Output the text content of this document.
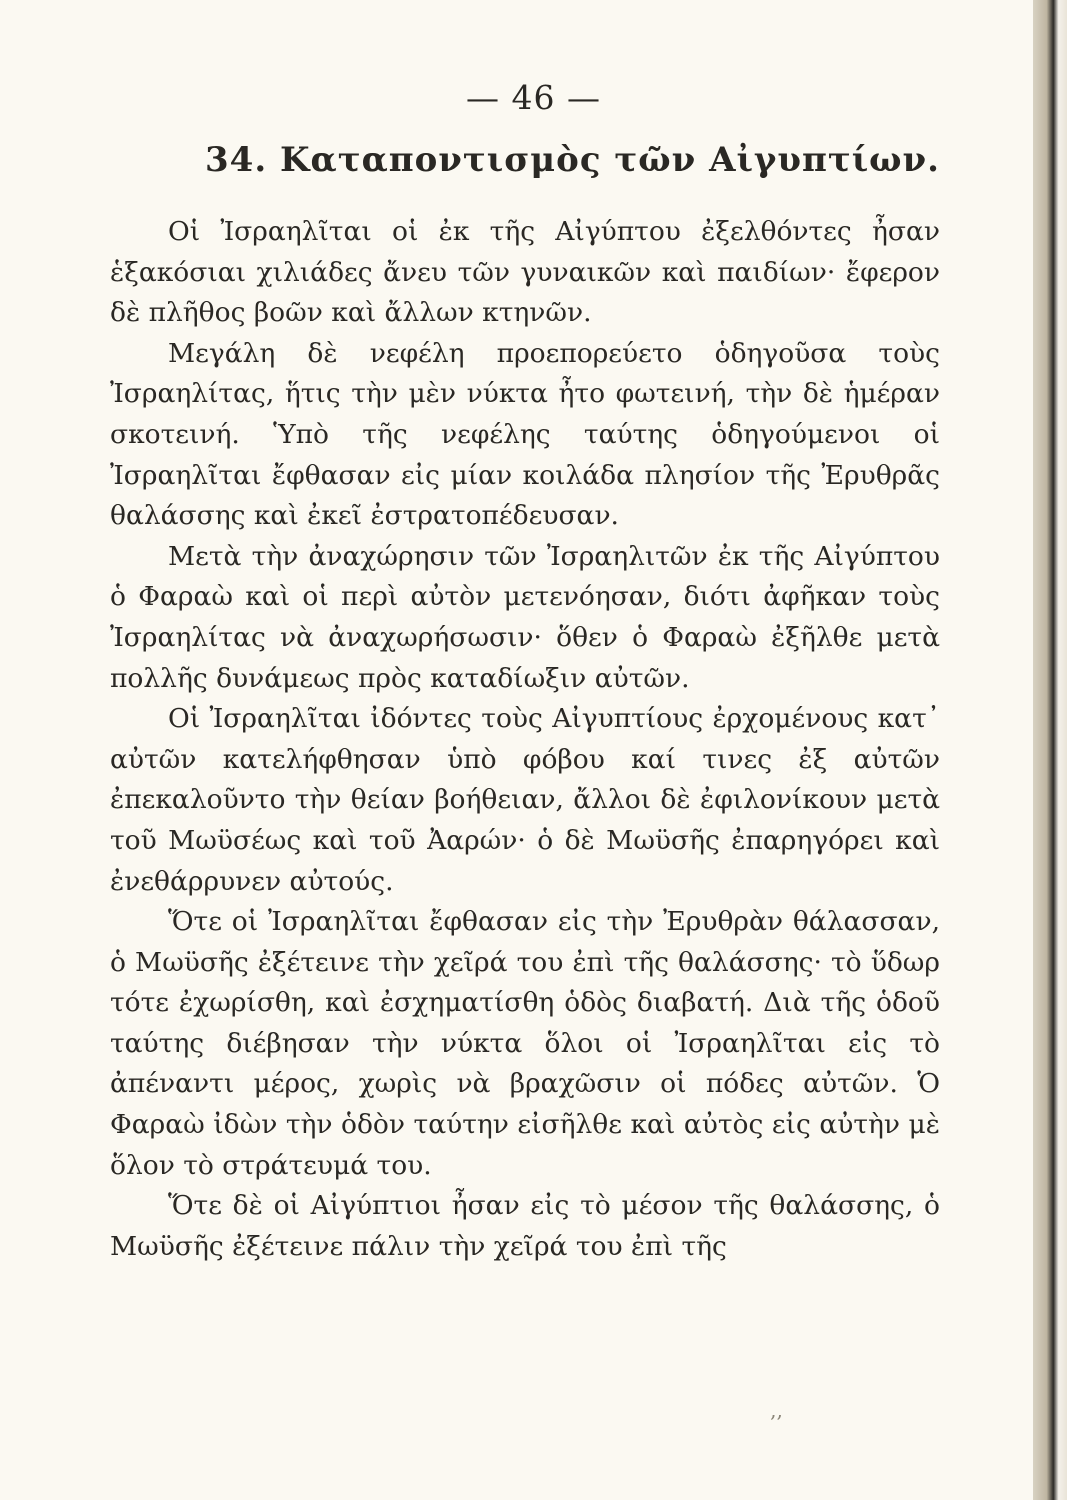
— 46 —
34. Καταποντισμὸς τῶν Αἰγυπτίων.

Οἱ Ἰσραηλῖται οἱ ἐκ τῆς Αἰγύπτου ἐξελθόντες ἦσαν ἑξακόσιαι χιλιάδες ἄνευ τῶν γυναικῶν καὶ παιδίων· ἔφερον δὲ πλῆθος βοῶν καὶ ἄλλων κτηνῶν.

Μεγάλη δὲ νεφέλη προεπορεύετο ὁδηγοῦσα τοὺς Ἰσραηλίτας, ἥτις τὴν μὲν νύκτα ἦτο φωτεινή, τὴν δὲ ἡμέραν σκοτεινή. Ὑπὸ τῆς νεφέλης ταύτης ὁδηγούμενοι οἱ Ἰσραηλῖται ἔφθασαν εἰς μίαν κοιλάδα πλησίον τῆς Ἐρυθρᾶς θαλάσσης καὶ ἐκεῖ ἐστρατοπέδευσαν.

Μετὰ τὴν ἀναχώρησιν τῶν Ἰσραηλιτῶν ἐκ τῆς Αἰγύπτου ὁ Φαραὼ καὶ οἱ περὶ αὐτὸν μετενόησαν, διότι ἀφῆκαν τοὺς Ἰσραηλίτας νὰ ἀναχωρήσωσιν· ὅθεν ὁ Φαραὼ ἐξῆλθε μετὰ πολλῆς δυνάμεως πρὸς καταδίωξιν αὐτῶν.

Οἱ Ἰσραηλῖται ἰδόντες τοὺς Αἰγυπτίους ἐρχομένους κατ᾽ αὐτῶν κατελήφθησαν ὑπὸ φόβου καί τινες ἐξ αὐτῶν ἐπεκαλοῦντο τὴν θείαν βοήθειαν, ἄλλοι δὲ ἐφιλονίκουν μετὰ τοῦ Μωϋσέως καὶ τοῦ Ἀαρών· ὁ δὲ Μωϋσῆς ἐπαρηγόρει καὶ ἐνεθάρρυνεν αὐτούς.

Ὅτε οἱ Ἰσραηλῖται ἔφθασαν εἰς τὴν Ἐρυθρὰν θάλασσαν, ὁ Μωϋσῆς ἐξέτεινε τὴν χεῖρά του ἐπὶ τῆς θαλάσσης· τὸ ὕδωρ τότε ἐχωρίσθη, καὶ ἐσχηματίσθη ὁδὸς διαβατή. Διὰ τῆς ὁδοῦ ταύτης διέβησαν τὴν νύκτα ὅλοι οἱ Ἰσραηλῖται εἰς τὸ ἀπέναντι μέρος, χωρὶς νὰ βραχῶσιν οἱ πόδες αὐτῶν. Ὁ Φαραὼ ἰδὼν τὴν ὁδὸν ταύτην εἰσῆλθε καὶ αὐτὸς εἰς αὐτὴν μὲ ὅλον τὸ στράτευμά του.

Ὅτε δὲ οἱ Αἰγύπτιοι ἦσαν εἰς τὸ μέσον τῆς θαλάσσης, ὁ Μωϋσῆς ἐξέτεινε πάλιν τὴν χεῖρά του ἐπὶ τῆς

‚‚
